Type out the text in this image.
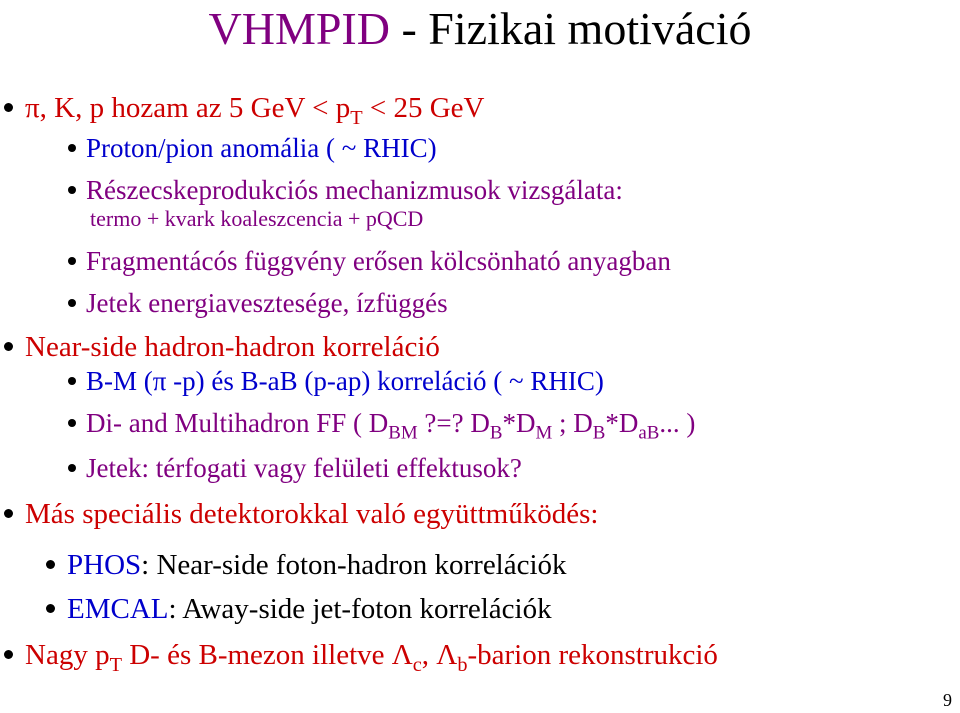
VHMPID - Fizikai motiváció
π, K, p hozam az 5 GeV < $p_T < 25$ GeV
Proton/pion anomália ( ~ RHIC)
Részecskeprodukciós mechanizmusok vizsgálata:
termo + kvark koaleszcencia + pQCD
Fragmentácós függvény erősen kölcsönható anyagban
Jetek energiavesztesége, ízfüggés
Near-side hadron-hadron korreláció
B-M (π -p) és B-aB (p-ap) korreláció ( ~ RHIC)
Di- and Multihadron FF ( $D_{BM}$ ?=? $D_B*D_M$ ; $D_B*D_{aB}$... )
Jetek: térfogati vagy felületi effektusok?
Más speciális detektorokkal való együttműködés:
PHOS: Near-side foton-hadron korrelációk
EMCAL: Away-side jet-foton korrelációk
Nagy $p_T$ D- és B-mezon illetve $\Lambda_c$, $\Lambda_b$-barion rekonstrukció
9
